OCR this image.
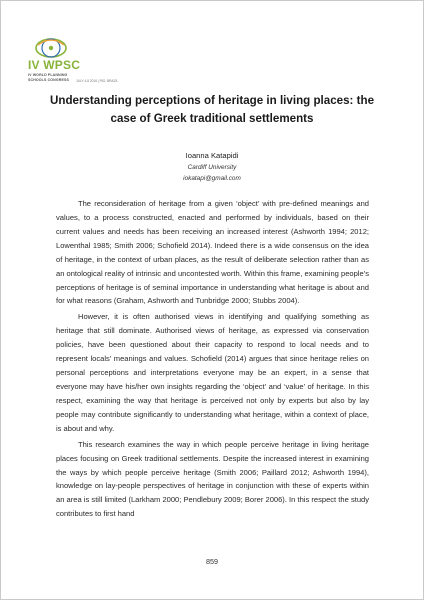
IV WPSC
IV WORLD PLANNING
SCHOOLS CONGRESS JULY 4-8 2016 | RIO, BRAZIL
Understanding perceptions of heritage in living places: the case of Greek traditional settlements
Ioanna Katapidi
Cardiff University
iokatapi@gmail.com

The reconsideration of heritage from a given ‘object’ with pre-defined meanings and values, to a process constructed, enacted and performed by individuals, based on their current values and needs has been receiving an increased interest (Ashworth 1994; 2012; Lowenthal 1985; Smith 2006; Schofield 2014). Indeed there is a wide consensus on the idea of heritage, in the context of urban places, as the result of deliberate selection rather than as an ontological reality of intrinsic and uncontested worth. Within this frame, examining people’s perceptions of heritage is of seminal importance in understanding what heritage is about and for what reasons (Graham, Ashworth and Tunbridge 2000; Stubbs 2004).

However, it is often authorised views in identifying and qualifying something as heritage that still dominate. Authorised views of heritage, as expressed via conservation policies, have been questioned about their capacity to respond to local needs and to represent locals’ meanings and values. Schofield (2014) argues that since heritage relies on personal perceptions and interpretations everyone may be an expert, in a sense that everyone may have his/her own insights regarding the ‘object’ and ‘value’ of heritage. In this respect, examining the way that heritage is perceived not only by experts but also by lay people may contribute significantly to understanding what heritage, within a context of place, is about and why.

This research examines the way in which people perceive heritage in living heritage places focusing on Greek traditional settlements. Despite the increased interest in examining the ways by which people perceive heritage (Smith 2006; Paillard 2012; Ashworth 1994), knowledge on lay-people perspectives of heritage in conjunction with these of experts within an area is still limited (Larkham 2000; Pendlebury 2009; Borer 2006). In this respect the study contributes to first hand

859
